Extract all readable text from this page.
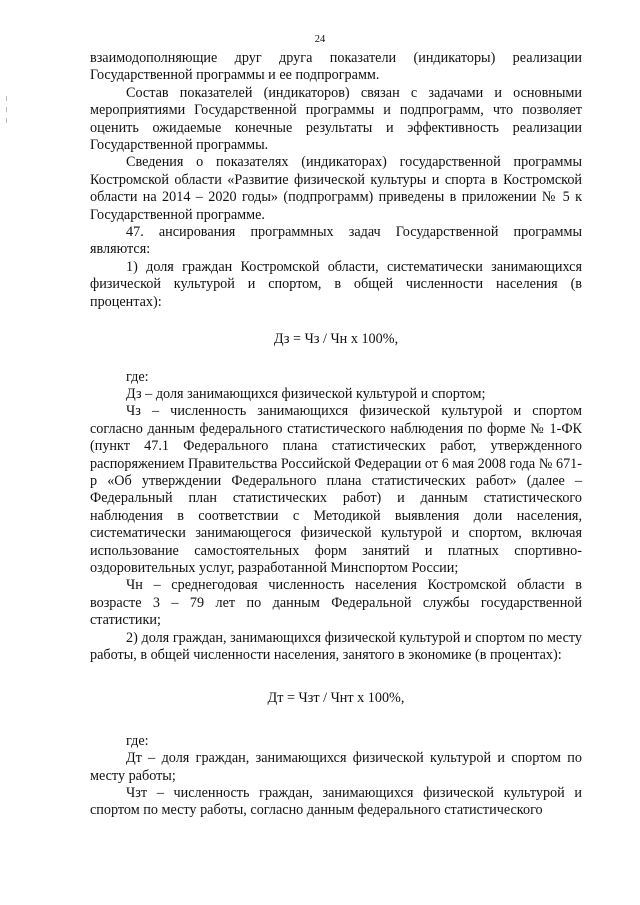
24

взаимодополняющие друг друга показатели (индикаторы) реализации Государственной программы и ее подпрограмм.

Состав показателей (индикаторов) связан с задачами и основными мероприятиями Государственной программы и подпрограмм, что позволяет оценить ожидаемые конечные результаты и эффективность реализации Государственной программы.

Сведения о показателях (индикаторах) государственной программы Костромской области «Развитие физической культуры и спорта в Костромской области на 2014 – 2020 годы» (подпрограмм) приведены в приложении № 5 к Государственной программе.

47. ансирования программных задач Государственной программы являются:

1) доля граждан Костромской области, систематически занимающихся физической культурой и спортом, в общей численности населения (в процентах):

Дз = Чз / Чн х 100%,

где:

Дз – доля занимающихся физической культурой и спортом;

Чз – численность занимающихся физической культурой и спортом согласно данным федерального статистического наблюдения по форме № 1-ФК (пункт 47.1 Федерального плана статистических работ, утвержденного распоряжением Правительства Российской Федерации от 6 мая 2008 года № 671-р «Об утверждении Федерального плана статистических работ» (далее – Федеральный план статистических работ) и данным статистического наблюдения в соответствии с Методикой выявления доли населения, систематически занимающегося физической культурой и спортом, включая использование самостоятельных форм занятий и платных спортивно-оздоровительных услуг, разработанной Минспортом России;

Чн – среднегодовая численность населения Костромской области в возрасте 3 – 79 лет по данным Федеральной службы государственной статистики;

2) доля граждан, занимающихся физической культурой и спортом по месту работы, в общей численности населения, занятого в экономике (в процентах):

Дт = Чзт / Чнт х 100%,

где:

Дт – доля граждан, занимающихся физической культурой и спортом по месту работы;

Чзт – численность граждан, занимающихся физической культурой и спортом по месту работы, согласно данным федерального статистического
